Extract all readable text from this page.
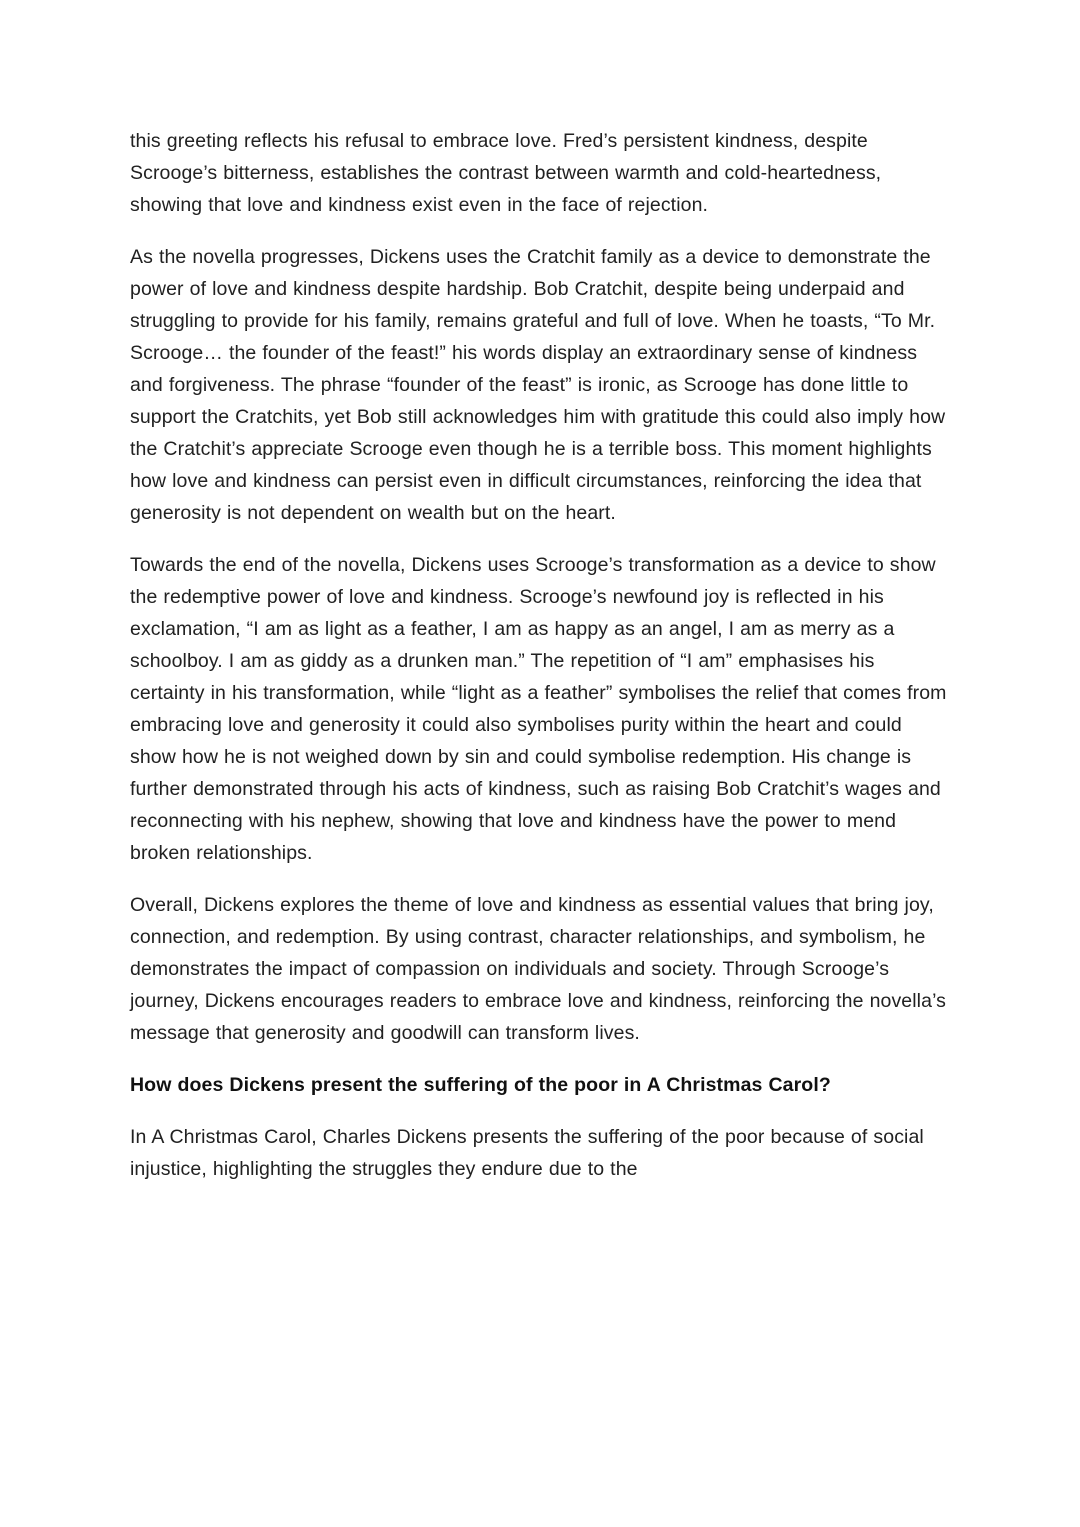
this greeting reflects his refusal to embrace love. Fred’s persistent kindness, despite Scrooge’s bitterness, establishes the contrast between warmth and cold-heartedness, showing that love and kindness exist even in the face of rejection.

As the novella progresses, Dickens uses the Cratchit family as a device to demonstrate the power of love and kindness despite hardship. Bob Cratchit, despite being underpaid and struggling to provide for his family, remains grateful and full of love. When he toasts, “To Mr. Scrooge… the founder of the feast!” his words display an extraordinary sense of kindness and forgiveness. The phrase “founder of the feast” is ironic, as Scrooge has done little to support the Cratchits, yet Bob still acknowledges him with gratitude this could also imply how the Cratchit’s appreciate Scrooge even though he is a terrible boss. This moment highlights how love and kindness can persist even in difficult circumstances, reinforcing the idea that generosity is not dependent on wealth but on the heart.

Towards the end of the novella, Dickens uses Scrooge’s transformation as a device to show the redemptive power of love and kindness. Scrooge’s newfound joy is reflected in his exclamation, “I am as light as a feather, I am as happy as an angel, I am as merry as a schoolboy. I am as giddy as a drunken man.” The repetition of “I am” emphasises his certainty in his transformation, while “light as a feather” symbolises the relief that comes from embracing love and generosity it could also symbolises purity within the heart and could show how he is not weighed down by sin and could symbolise redemption. His change is further demonstrated through his acts of kindness, such as raising Bob Cratchit’s wages and reconnecting with his nephew, showing that love and kindness have the power to mend broken relationships.

Overall, Dickens explores the theme of love and kindness as essential values that bring joy, connection, and redemption. By using contrast, character relationships, and symbolism, he demonstrates the impact of compassion on individuals and society. Through Scrooge’s journey, Dickens encourages readers to embrace love and kindness, reinforcing the novella’s message that generosity and goodwill can transform lives.

How does Dickens present the suffering of the poor in A Christmas Carol?

In A Christmas Carol, Charles Dickens presents the suffering of the poor because of social injustice, highlighting the struggles they endure due to the
